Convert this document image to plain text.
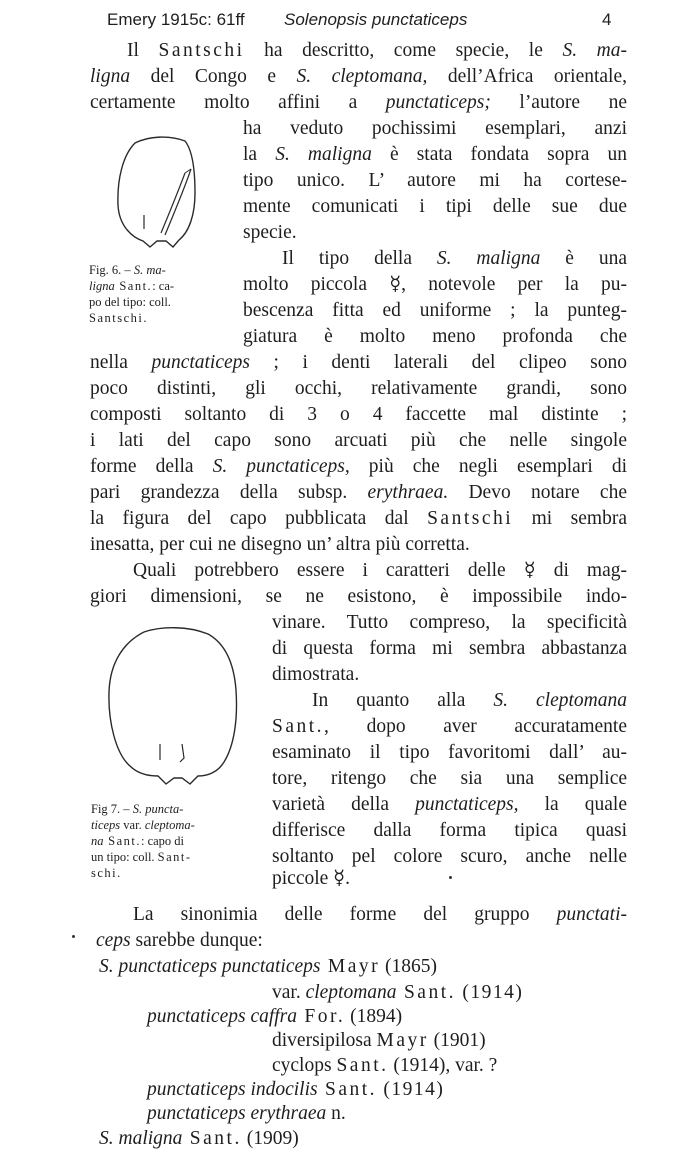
Emery 1915c: 61ff Solenopsis punctaticeps	4
Il Santschi ha descritto, come specie, le S. ma-
ligna del Congo e S. cleptomana, dell’Africa orientale,
certamente molto affini a punctaticeps; l’autore ne
ha veduto pochissimi esemplari, anzi
la S. maligna è stata fondata sopra un
tipo unico. L’ autore mi ha cortese-
mente comunicati i tipi delle sue due
specie.
Il tipo della S. maligna è una
molto piccola ☿, notevole per la pu-
bescenza fitta ed uniforme ; la punteg-
giatura è molto meno profonda che
nella punctaticeps ; i denti laterali del clipeo sono
poco distinti, gli occhi, relativamente grandi, sono
composti soltanto di 3 o 4 faccette mal distinte ;
i lati del capo sono arcuati più che nelle singole
forme della S. punctaticeps, più che negli esemplari di
pari grandezza della subsp. erythraea. Devo notare che
la figura del capo pubblicata dal Santschi mi sembra
inesatta, per cui ne disegno un’ altra più corretta.
Quali potrebbero essere i caratteri delle ☿ di mag-
giori dimensioni, se ne esistono, è impossibile indo-
vinare. Tutto compreso, la specificità
di questa forma mi sembra abbastanza
dimostrata.
In quanto alla S. cleptomana
Sant., dopo aver accuratamente
esaminato il tipo favoritomi dall’ au-
tore, ritengo che sia una semplice
varietà della punctaticeps, la quale
differisce dalla forma tipica quasi
soltanto pel colore scuro, anche nelle
piccole ☿.
Fig. 6. – S. ma-
ligna Sant.: ca-
po del tipo: coll.
Santschi.
Fig 7. – S. puncta-
ticeps var. cleptoma-
na Sant.: capo di
un tipo: coll. Sant-
schi.
La sinonimia delle forme del gruppo punctati-
ceps sarebbe dunque:
S. punctaticeps punctaticeps Mayr (1865)
var. cleptomana Sant. (1914)
punctaticeps caffra For. (1894)
diversipilosa Mayr (1901)
cyclops Sant. (1914), var. ?
punctaticeps indocilis Sant. (1914)
punctaticeps erythraea n.
S. maligna Sant. (1909)
